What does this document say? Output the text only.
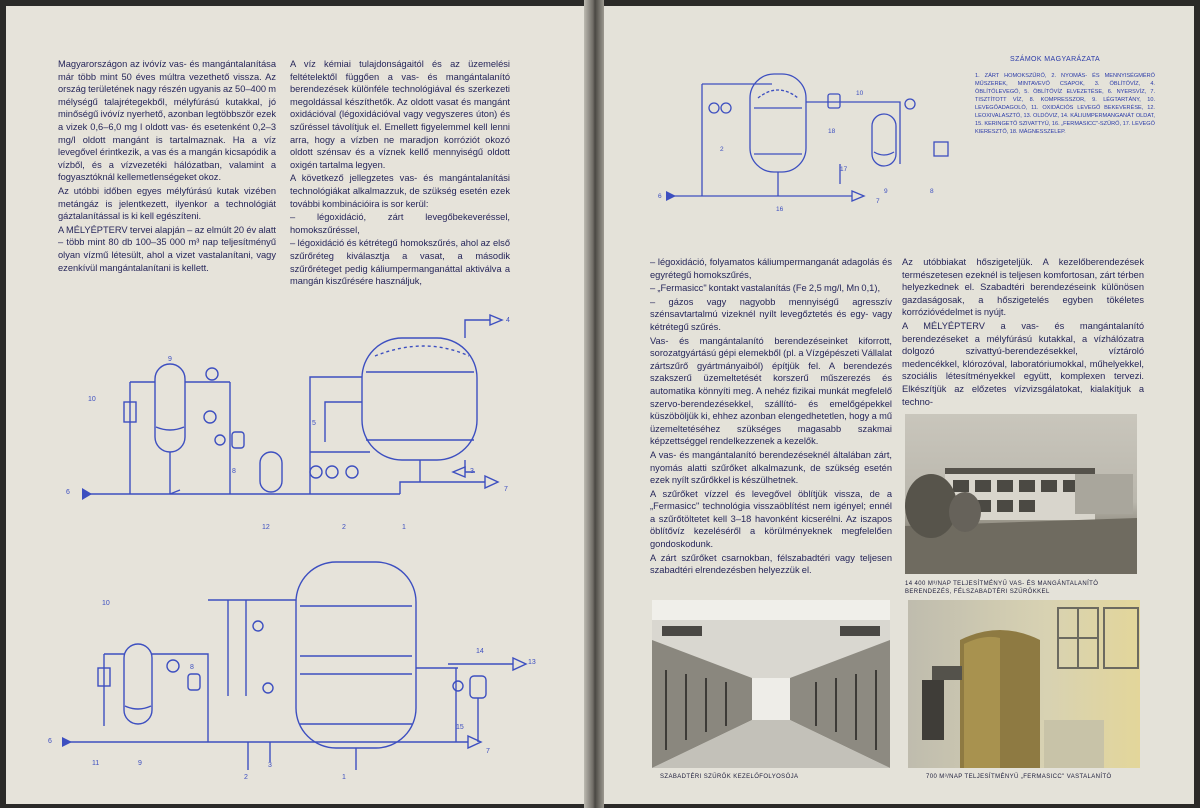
Magyarországon az ivóvíz vas- és mangántalanítása már több mint 50 éves múltra vezethető vissza. Az ország területének nagy részén ugyanis az 50–400 m mélységű talajrétegekből, mélyfúrású kutakkal, jó minőségű ivóvíz nyerhető, azonban legtöbbször ezek a vizek 0,6–6,0 mg l oldott vas- és esetenként 0,2–3 mg/l oldott mangánt is tartalmaznak. Ha a víz levegővel érintkezik, a vas és a mangán kicsapódik a vízből, és a vízvezetéki hálózatban, valamint a fogyasztóknál kellemetlenségeket okoz.

Az utóbbi időben egyes mélyfúrású kutak vizében metángáz is jelentkezett, ilyenkor a technológiát gáztalanítással is ki kell egészíteni.

A MÉLYÉPTERV tervei alapján – az elmúlt 20 év alatt – több mint 80 db 100–35 000 m³ nap teljesítményű olyan vízmű létesült, ahol a vizet vastalanítani, vagy ezenkívül mangántalanítani is kellett.

A víz kémiai tulajdonságaitól és az üzemelési feltételektől függően a vas- és mangántalanító berendezések különféle technológiával és szerkezeti megoldással készíthetők. Az oldott vasat és mangánt oxidációval (légoxidációval vagy vegyszeres úton) és szűréssel távolítjuk el. Emellett figyelemmel kell lenni arra, hogy a vízben ne maradjon korróziót okozó oldott szénsav és a víznek kellő mennyiségű oldott oxigén tartalma legyen.

A következő jellegzetes vas- és mangántalanítási technológiákat alkalmazzuk, de szükség esetén ezek további kombinációira is sor kerül:

– légoxidáció, zárt levegőbekeveréssel, homokszűréssel,

– légoxidáció és kétrétegű homokszűrés, ahol az első szűrőréteg kiválasztja a vasat, a második szűrőréteget pedig káliumpermanganáttal aktiválva a mangán kiszűrésére használjuk,

10
9
8
6
12	2	1
4
5
3
7
10
8
14
13
15
6
11	9
2
3
1
7
10
18
2
16
17
9	8
6
7
SZÁMOK MAGYARÁZATA
1. ZÁRT HOMOKSZŰRŐ, 2. NYOMÁS- ÉS MENNYISÉGMÉRŐ MŰSZEREK, MINTAVEVŐ CSAPOK, 3. ÖBLÍTŐVÍZ, 4. ÖBLÍTŐLEVEGŐ, 5. ÖBLÍTŐVÍZ ELVEZETÉSE, 6. NYERSVÍZ, 7. TISZTÍTOTT VÍZ, 8. KOMPRESSZOR, 9. LÉGTARTÁNY, 10. LEVEGŐADAGOLÓ, 11. OXIDÁCIÓS LEVEGŐ BEKEVERÉSE, 12. LEOXIVALASZTÓ, 13. OLDÓVIZ, 14. KÁLIUMPERMANGANÁT OLDAT, 15. KERINGETŐ SZIVATTYÚ, 16. „FERMASICC"-SZŰRŐ, 17. LEVEGŐ KIERESZTŐ, 18. MÁGNESSZELEP.

– légoxidáció, folyamatos káliumpermanganát adagolás és egyrétegű homokszűrés,

– „Fermasicc" kontakt vastalanítás (Fe 2,5 mg/l, Mn 0,1),

– gázos vagy nagyobb mennyiségű agresszív szénsavtartalmú vizeknél nyílt levegőztetés és egy- vagy kétrétegű szűrés.

Vas- és mangántalanító berendezéseinket kiforrott, sorozatgyártású gépi elemekből (pl. a Vízgépészeti Vállalat zártszűrő gyártmányaiból) építjük fel. A berendezés szakszerű üzemeltetését korszerű műszerezés és automatika könnyíti meg. A nehéz fizikai munkát megfelelő szervo-berendezésekkel, szállító- és emelőgépekkel küszöböljük ki, ehhez azonban elengedhetetlen, hogy a mű üzemeltetéséhez szükséges magasabb szakmai képzettséggel rendelkezzenek a kezelők.

A vas- és mangántalanító berendezéseknél általában zárt, nyomás alatti szűrőket alkalmazunk, de szükség esetén ezek nyílt szűrőkkel is készülhetnek.

A szűrőket vízzel és levegővel öblítjük vissza, de a „Fermasicc" technológia visszaöblítést nem igényel; ennél a szűrőtöltetet kell 3–18 havonként kicserélni. Az iszapos öblítővíz kezeléséről a körülményeknek megfelelően gondoskodunk.

A zárt szűrőket csarnokban, félszabadtéri vagy teljesen szabadtéri elrendezésben helyezzük el.

Az utóbbiakat hőszigeteljük. A kezelőberendezések természetesen ezeknél is teljesen komfortosan, zárt térben helyezkednek el. Szabadtéri berendezéseink különösen gazdaságosak, a hőszigetelés egyben tökéletes korrózióvédelmet is nyújt.

A MÉLYÉPTERV a vas- és mangántalanító berendezéseket a mélyfúrású kutakkal, a vízhálózatra dolgozó szivattyú-berendezésekkel, víztároló medencékkel, klórozóval, laboratóriumokkal, műhelyekkel, szociális létesítményekkel együtt, komplexen tervezi. Elkészítjük az előzetes vízvizsgálatokat, kialakítjuk a techno-

14 400 M³/NAP TELJESÍTMÉNYŰ VAS- ÉS MANGÁNTALANÍTÓ BERENDEZÉS, FÉLSZABADTÉRI SZŰRŐKKEL
SZABADTÉRI SZŰRŐK KEZELŐFOLYOSÓJA	700 M³/NAP TELJESÍTMÉNYŰ „FERMASICC" VASTALANÍTÓ
